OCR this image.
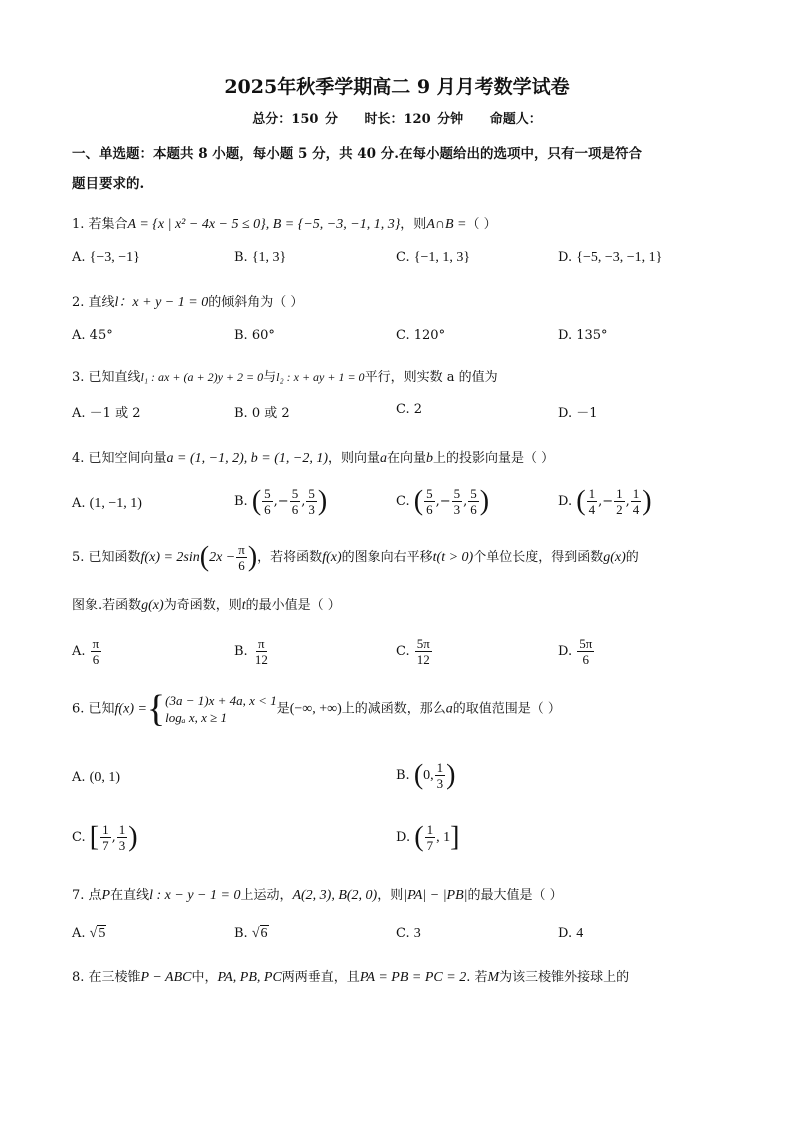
2025年秋季学期高二 9 月月考数学试卷
总分：150 分 时长：120 分钟 命题人：
一、单选题：本题共 8 小题，每小题 5 分，共 40 分.在每小题给出的选项中，只有一项是符合
题目要求的.
1. 若集合A = {x | x² − 4x − 5 ≤ 0}, B = {−5, −3, −1, 1, 3}，则A∩B =（ ）
A. {−3, −1}	B. {1, 3}	C. {−1, 1, 3}	D. {−5, −3, −1, 1}
2. 直线l：x + y − 1 = 0的倾斜角为（ ）
A. 45°	B. 60°	C. 120°	D. 135°
3. 已知直线l₁ : ax + (a + 2)y + 2 = 0与l₂ : x + ay + 1 = 0平行，则实数 a 的值为
A. －1 或 2	B. 0 或 2	C. 2	D. －1
4. 已知空间向量a = (1, −1, 2), b = (1, −2, 1)，则向量a在向量b上的投影向量是（ ）
A. (1, −1, 1)	B. ( $\frac{5}{6}$ ,− $\frac{5}{6}$ , $\frac{5}{3}$ )	C. ( $\frac{5}{6}$ ,− $\frac{5}{3}$ , $\frac{5}{6}$ )	D. ( $\frac{1}{4}$ ,− $\frac{1}{2}$ , $\frac{1}{4}$ )
5. 已知函数$f(x) = 2\sin(2x - \frac{\pi}{6}$ )，若将函数f(x)的图象向右平移t(t > 0)个单位长度，得到函数g(x)的
图象.若函数g(x)为奇函数，则t的最小值是（ ）
A. $\frac{\pi}{6}$	B. $\frac{\pi}{12}$	C. $\frac{5\pi}{12}$	D. $\frac{5\pi}{6}$
6. 已知f(x) ={(3a − 1)x + 4a, x < 1
logₐ x, x ≥ 1是(−∞, +∞)上的减函数，那么a的取值范围是（ ）
A. (0, 1)	B. (0, $\frac{1}{3}$ )
C. [ $\frac{1}{7}$ , $\frac{1}{3}$ )	D. ( $\frac{1}{7}$ , 1]
7. 点P在直线l : x − y − 1 = 0上运动，A(2, 3), B(2, 0)，则|PA| − |PB|的最大值是（ ）
A. √5	B. √6	C. 3	D. 4
8. 在三棱锥P − ABC中，PA, PB, PC两两垂直，且PA = PB = PC = 2. 若M为该三棱锥外接球上的
